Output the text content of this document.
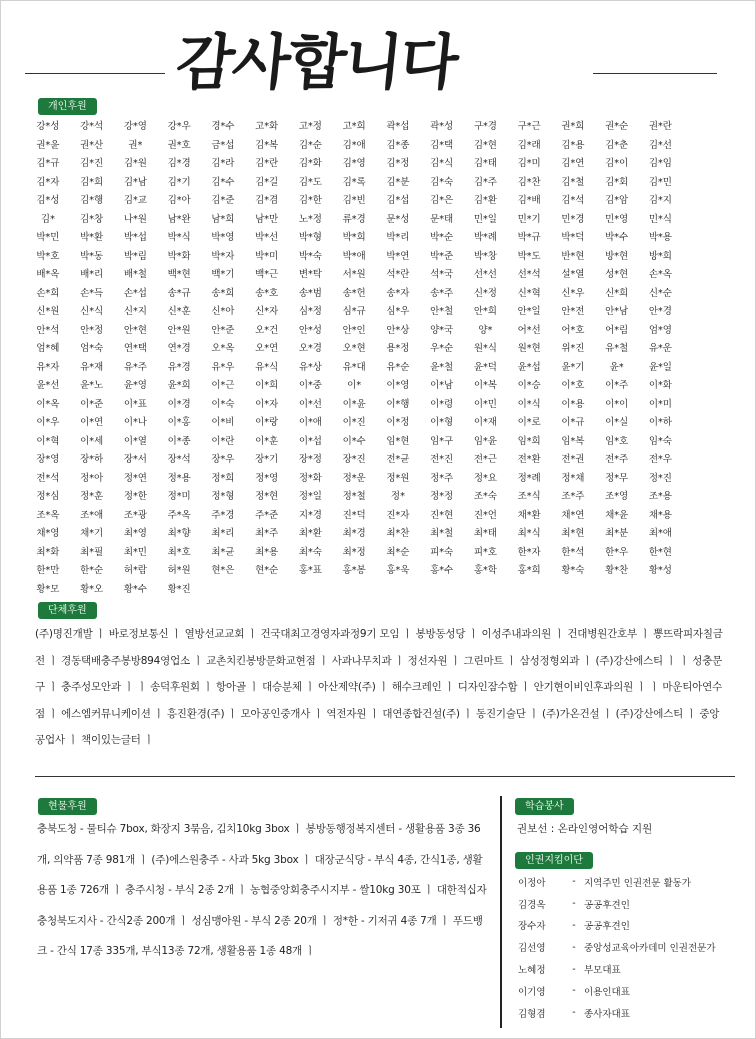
감사합니다
개인후원
강*성	강*석	강*영	강*우	경*수	고*화	고*정	고*희	곽*섭	곽*성	구*경	구*근	권*희	권*순	권*란
권*윤	권*산	권*	권*호	금*섭	김*복	김*순	김*애	김*종	김*택	김*현	김*래	김*용	김*춘	김*선
김*규	김*진	김*원	김*경	김*라	김*란	김*화	김*영	김*정	김*식	김*태	김*미	김*연	김*이	김*임
김*자	김*희	김*남	김*기	김*수	김*길	김*도	김*록	김*분	김*숙	김*주	김*찬	김*철	김*회	김*민
김*성	김*행	김*교	김*아	김*준	김*겸	김*한	김*빈	김*섭	김*은	김*환	김*배	김*석	김*암	김*지
김*	김*창	나*원	남*완	남*희	남*만	노*정	류*경	문*성	문*태	민*일	민*기	민*경	민*영	민*식
박*민	박*환	박*섭	박*식	박*영	박*선	박*형	박*희	박*리	박*순	박*례	박*규	박*덕	박*수	박*용
박*호	박*동	박*림	박*화	박*자	박*미	박*숙	박*애	박*연	박*준	박*창	박*도	반*현	방*현	방*희
배*옥	배*리	배*철	백*현	백*기	백*근	변*탁	서*원	석*란	석*국	선*선	선*석	설*열	성*현	손*옥
손*희	손*득	손*섭	송*규	송*희	송*호	송*범	송*헌	송*자	송*주	신*정	신*혁	신*우	신*희	신*순
신*원	신*식	신*지	신*훈	신*아	신*자	심*정	심*규	심*우	안*철	안*희	안*일	안*전	안*남	안*경
안*석	안*정	안*현	안*원	안*준	오*건	안*성	안*인	안*상	양*국	양*	어*선	어*호	어*림	엄*영
엄*혜	엄*숙	연*택	연*경	오*옥	오*연	오*경	오*현	용*정	우*순	원*식	원*현	위*진	유*철	유*운
유*자	유*재	유*주	유*경	유*우	유*식	유*상	유*대	유*순	윤*철	윤*덕	윤*섭	윤*기	윤*	윤*일
윤*선	윤*노	윤*영	윤*희	이*근	이*희	이*중	이*	이*영	이*남	이*복	이*승	이*호	이*주	이*화
이*옥	이*준	이*표	이*경	이*숙	이*자	이*선	이*윤	이*행	이*령	이*민	이*식	이*용	이*이	이*미
이*우	이*연	이*나	이*홍	이*비	이*랑	이*애	이*진	이*정	이*형	이*재	이*로	이*규	이*실	이*하
이*혁	이*세	이*열	이*종	이*란	이*훈	이*섭	이*수	임*현	임*구	임*윤	임*희	임*복	임*호	임*숙
장*영	장*하	장*서	장*석	장*우	장*기	장*정	장*진	전*균	전*진	전*근	전*환	전*권	전*주	전*우
전*석	정*아	정*연	정*용	정*희	정*영	정*화	정*운	정*원	정*주	정*요	정*례	정*채	정*무	정*진
정*심	정*훈	정*한	정*미	정*형	정*현	정*일	정*철	정*	정*정	조*숙	조*식	조*주	조*영	조*용
조*옥	조*애	조*광	주*옥	주*경	주*준	지*경	진*덕	진*자	진*현	진*언	채*환	채*연	채*윤	채*용
채*영	채*기	최*영	최*향	최*리	최*주	최*환	최*경	최*찬	최*철	최*태	최*식	최*현	최*분	최*애
최*화	최*필	최*민	최*호	최*균	최*용	최*숙	최*정	최*순	피*숙	피*호	한*자	한*석	한*우	한*현
한*만	한*순	허*람	허*원	현*은	현*순	홍*표	홍*봉	홍*욱	홍*수	홍*학	홍*희	황*숙	황*찬	황*성
황*모	황*오	황*수	황*진
단체후원
(주)명진개발 ㅣ 바로정보통신 ㅣ 열방선교교회 ㅣ 건국대최고경영자과정9기 모임 ㅣ 봉방동성당 ㅣ 이성주내과의원 ㅣ 건대병원간호부 ㅣ 뽕뜨락피자칠금전 ㅣ 경동택배충주봉방894영업소 ㅣ 교촌치킨봉방문화교현점 ㅣ 사과나무치과 ㅣ 정선자원 ㅣ 그린마트 ㅣ 삼성정형외과 ㅣ (주)강산에스티 ㅣ ㅣ 성충문구 ㅣ 충주성모안과 ㅣ ㅣ 송덕후원회 ㅣ 항아골 ㅣ 대승분체 ㅣ 아산제약(주) ㅣ 해수크레인 ㅣ 디자인잠수함 ㅣ 안기현이비인후과의원 ㅣ ㅣ 마운티아연수점 ㅣ 에스엠커뮤니케이션 ㅣ 흥진환경(주) ㅣ 모아공인중개사 ㅣ 역전자원 ㅣ 대연종합건설(주) ㅣ 동진기술단 ㅣ (주)가온건설 ㅣ (주)강산에스티 ㅣ 중앙공업사 ㅣ 책이있는글터 ㅣ
현물후원
충북도청 - 물티슈 7box, 화장지 3묶음, 김치10kg 3box ㅣ 봉방동행정복지센터 - 생활용품 3종 36개, 의약품 7종 981개 ㅣ (주)에스원충주 - 사과 5kg 3box ㅣ 대장군식당 - 부식 4종, 간식1종, 생활용품 1종 726개 ㅣ 충주시청 - 부식 2종 2개 ㅣ 농협중앙회충주시지부 - 쌀10kg 30포 ㅣ 대한적십자 충청북도지사 - 간식2종 200개 ㅣ 성심맹아원 - 부식 2종 20개 ㅣ 정*한 - 기저귀 4종 7개 ㅣ 푸드뱅크 - 간식 17종 335개, 부식13종 72개, 생활용품 1종 48개 ㅣ
학습봉사
권보선 : 온라인영어학습 지원
인권지킴이단
이정아	- 지역주민 인권전문 활동가
김경옥	- 공공후견인
장수자	- 공공후견인
김선영	- 중앙성교육아카데미 인권전문가
노혜정	- 부모대표
이기영	- 이용인대표
김형겸	- 종사자대표
